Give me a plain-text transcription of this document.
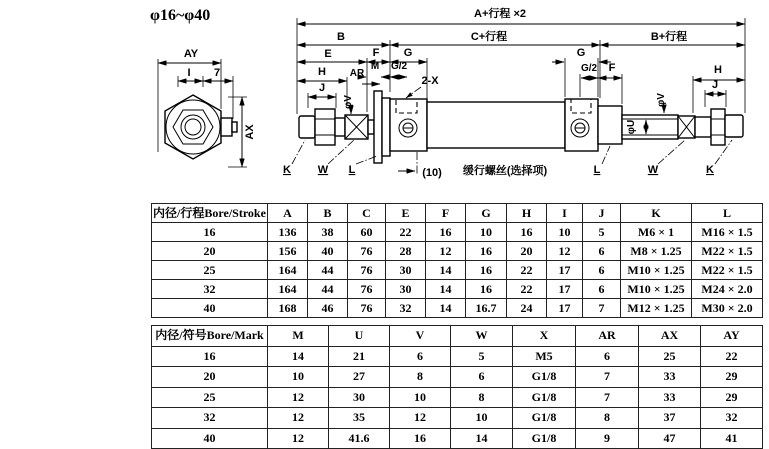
φ16~φ40
AY
I 7
AX
A+行程 ×2
B	C+行程	B+行程
E	F G	G
AR
M G/2
H	G/2 F	H
J	J
φV	φV
φU
2-X
(10)
K W L	L	W	K
缓行螺丝(选择项)
内径/行程Bore/Stroke	A	B	C	E	F	G	H	I	J	K	L
16	136	38	60	22	16	10	16	10	5	M6 × 1	M16 × 1.5
20	156	40	76	28	12	16	20	12	6	M8 × 1.25	M22 × 1.5
25	164	44	76	30	14	16	22	17	6	M10 × 1.25	M22 × 1.5
32	164	44	76	30	14	16	22	17	6	M10 × 1.25	M24 × 2.0
40	168	46	76	32	14	16.7	24	17	7	M12 × 1.25	M30 × 2.0
内径/符号Bore/Mark	M	U	V	W	X	AR	AX	AY
16	14	21	6	5	M5	6	25	22
20	10	27	8	6	G1/8	7	33	29
25	12	30	10	8	G1/8	7	33	29
32	12	35	12	10	G1/8	8	37	32
40	12	41.6	16	14	G1/8	9	47	41
